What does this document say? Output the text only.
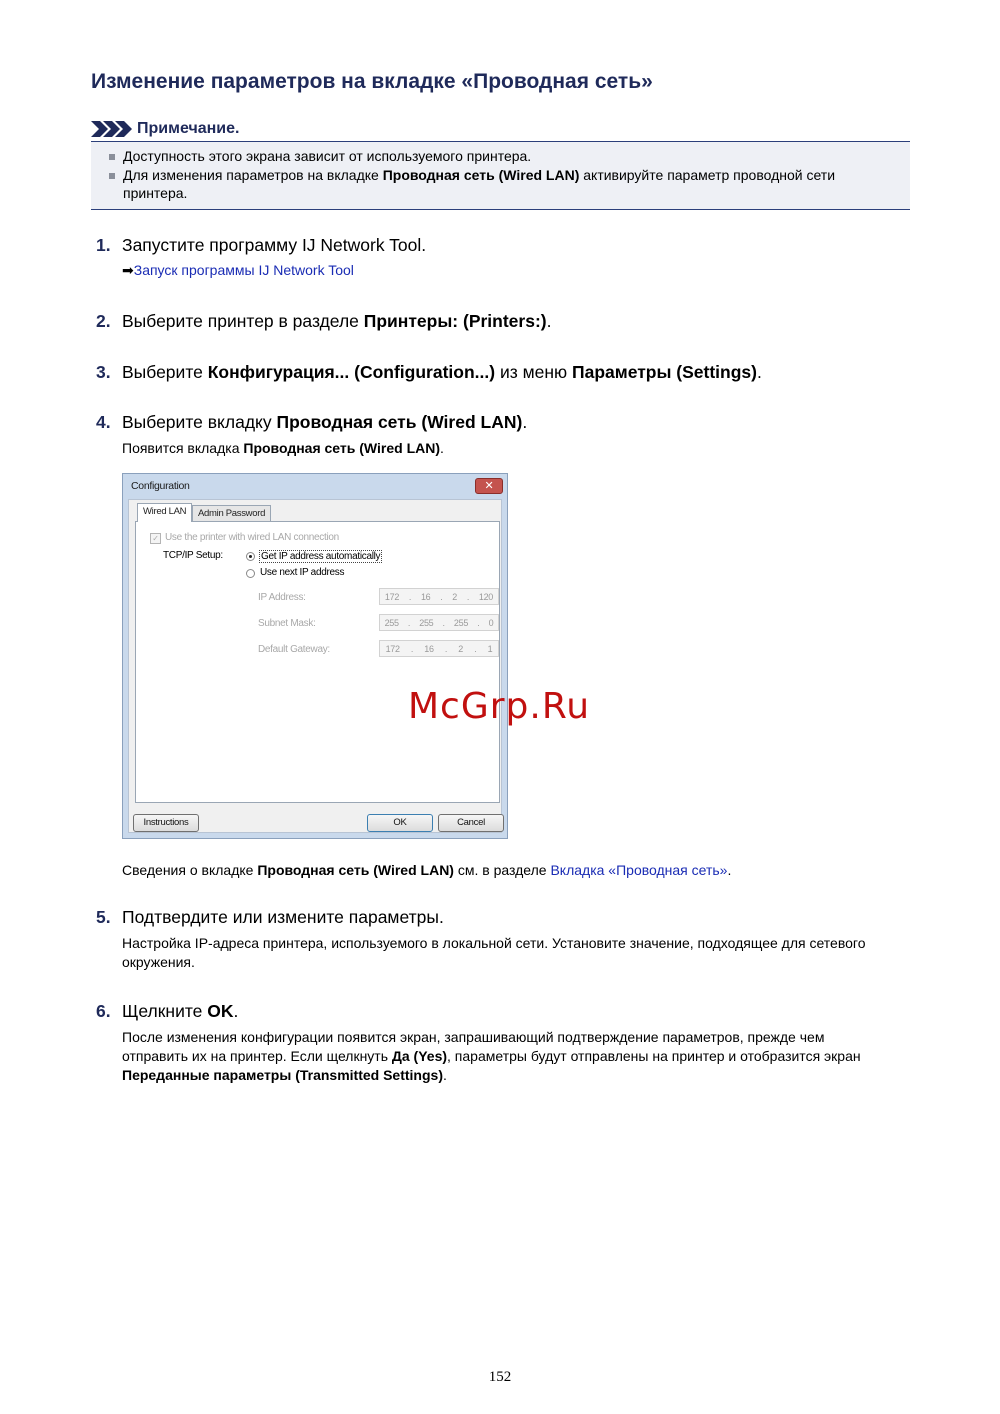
Изменение параметров на вкладке «Проводная сеть»
Примечание.
Доступность этого экрана зависит от используемого принтера.
Для изменения параметров на вкладке Проводная сеть (Wired LAN) активируйте параметр проводной сети принтера.
1. Запустите программу IJ Network Tool.
➡Запуск программы IJ Network Tool
2. Выберите принтер в разделе Принтеры: (Printers:).
3. Выберите Конфигурация... (Configuration...) из меню Параметры (Settings).
4. Выберите вкладку Проводная сеть (Wired LAN).
Появится вкладка Проводная сеть (Wired LAN).
Configuration	✕
Wired LAN	Admin Password
✓ Use the printer with wired LAN connection
TCP/IP Setup:	Get IP address automatically
Use next IP address
IP Address:	172 . 16 . 2 . 120
Subnet Mask:	255 . 255 . 255 . 0
Default Gateway:	172 . 16 . 2 . 1
Instructions	OK	Cancel
McGrp.Ru
Сведения о вкладке Проводная сеть (Wired LAN) см. в разделе Вкладка «Проводная сеть».
5. Подтвердите или измените параметры.
Настройка IP-адреса принтера, используемого в локальной сети. Установите значение, подходящее для сетевого окружения.
6. Щелкните OK.
После изменения конфигурации появится экран, запрашивающий подтверждение параметров, прежде чем отправить их на принтер. Если щелкнуть Да (Yes), параметры будут отправлены на принтер и отобразится экран Переданные параметры (Transmitted Settings).
152
